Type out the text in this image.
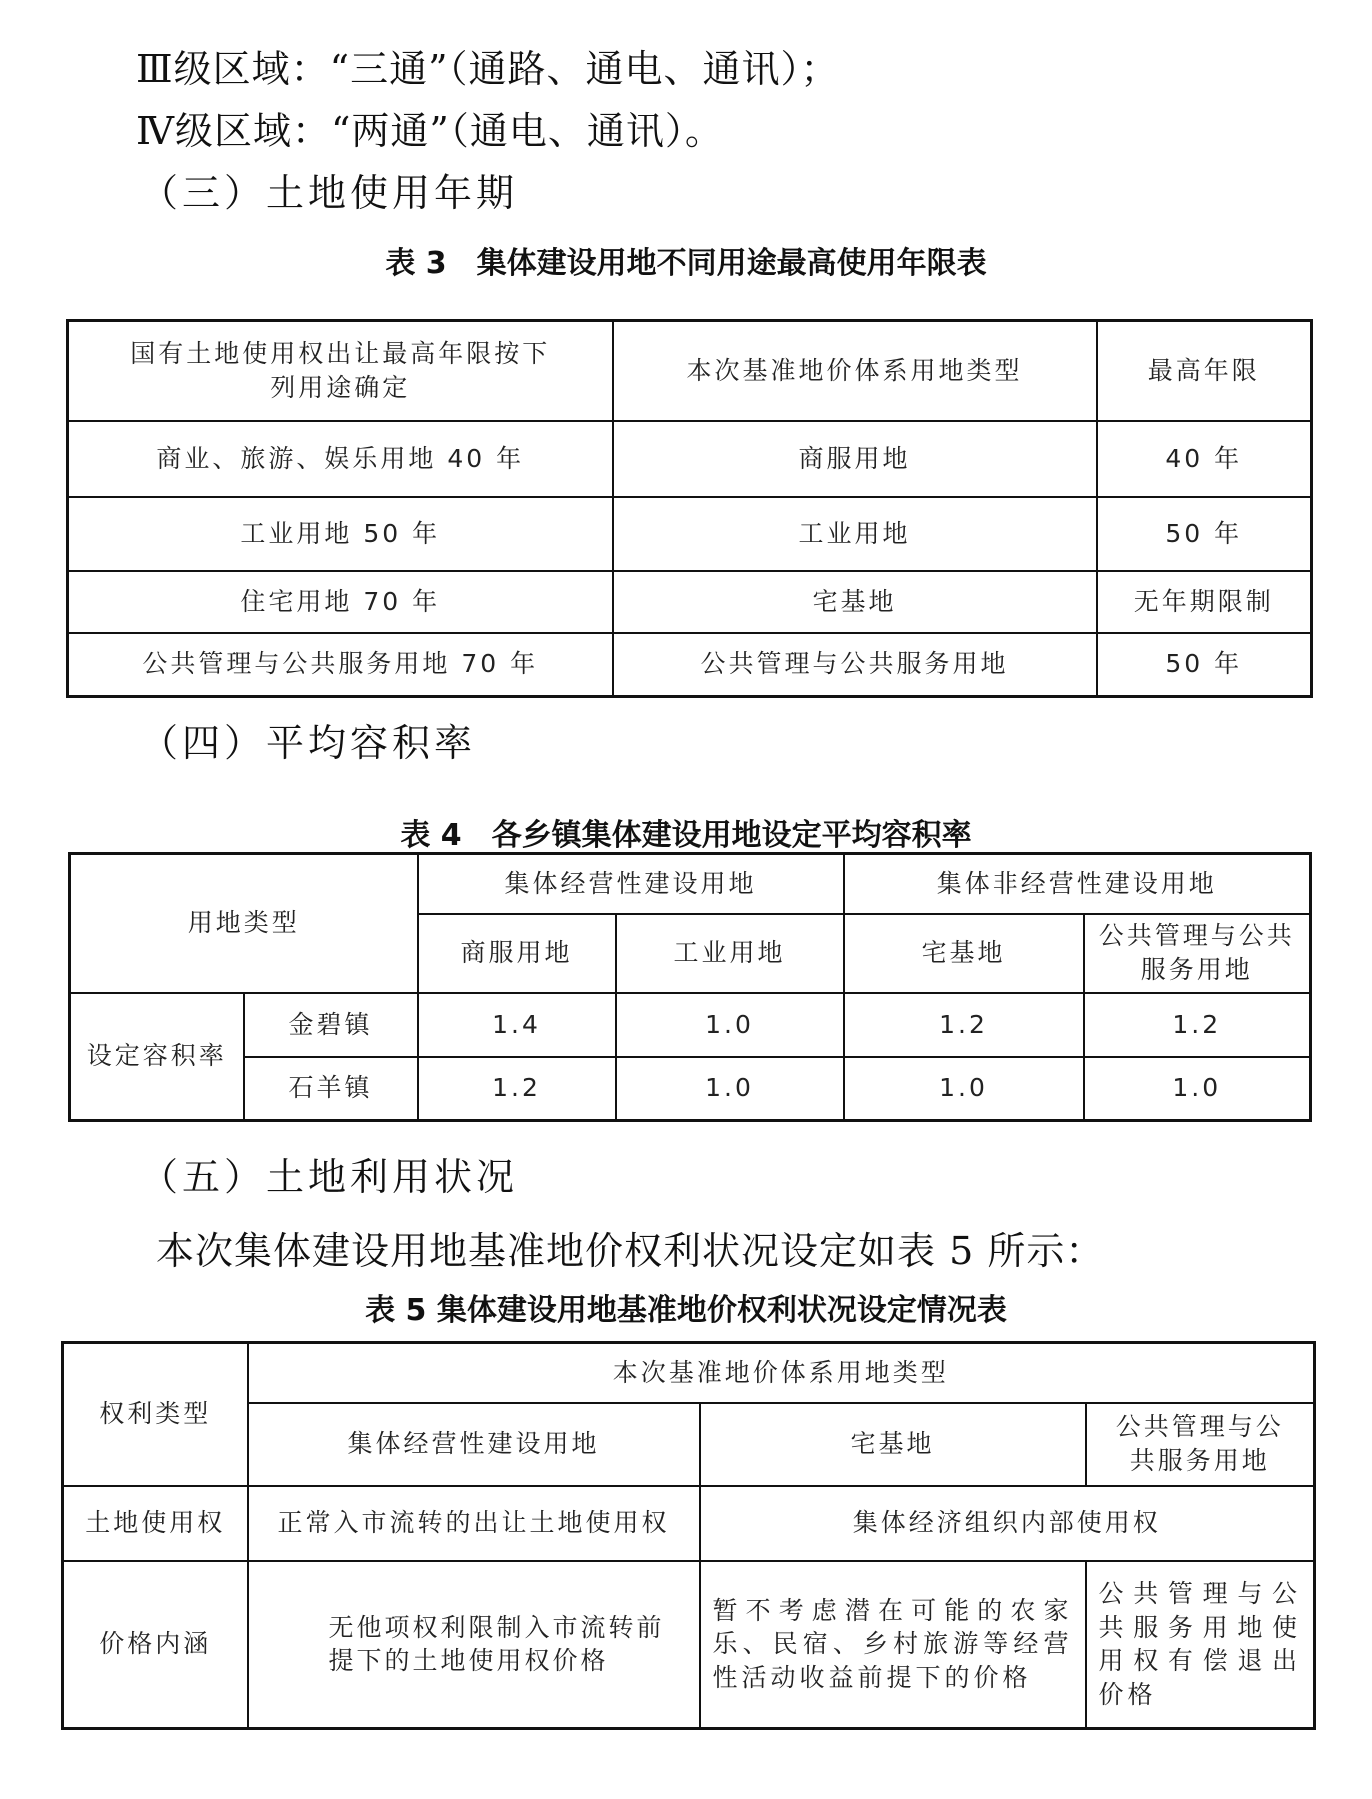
Ⅲ级区域：“三通”（通路、通电、通讯）；
Ⅳ级区域：“两通”（通电、通讯）。
（三）土地使用年期
表 3　集体建设用地不同用途最高使用年限表
国有土地使用权出让最高年限按下列用途确定	本次基准地价体系用地类型	最高年限
商业、旅游、娱乐用地 40 年	商服用地	40 年
工业用地 50 年	工业用地	50 年
住宅用地 70 年	宅基地	无年期限制
公共管理与公共服务用地 70 年	公共管理与公共服务用地	50 年
（四）平均容积率
表 4　各乡镇集体建设用地设定平均容积率
用地类型		集体经营性建设用地		集体非经营性建设用地	
		商服用地	工业用地	宅基地	公共管理与公共服务用地
设定容积率	金碧镇	1.4	1.0	1.2	1.2
	石羊镇	1.2	1.0	1.0	1.0
（五）土地利用状况
本次集体建设用地基准地价权利状况设定如表 5 所示：
表 5 集体建设用地基准地价权利状况设定情况表
权利类型	本次基准地价体系用地类型		
	集体经营性建设用地	宅基地	公共管理与公共服务用地
土地使用权	正常入市流转的出让土地使用权	集体经济组织内部使用权	
价格内涵	无他项权利限制入市流转前提下的土地使用权价格	暂不考虑潜在可能的农家乐、民宿、乡村旅游等经营性活动收益前提下的价格	公共管理与公共服务用地使用权有偿退出价格
